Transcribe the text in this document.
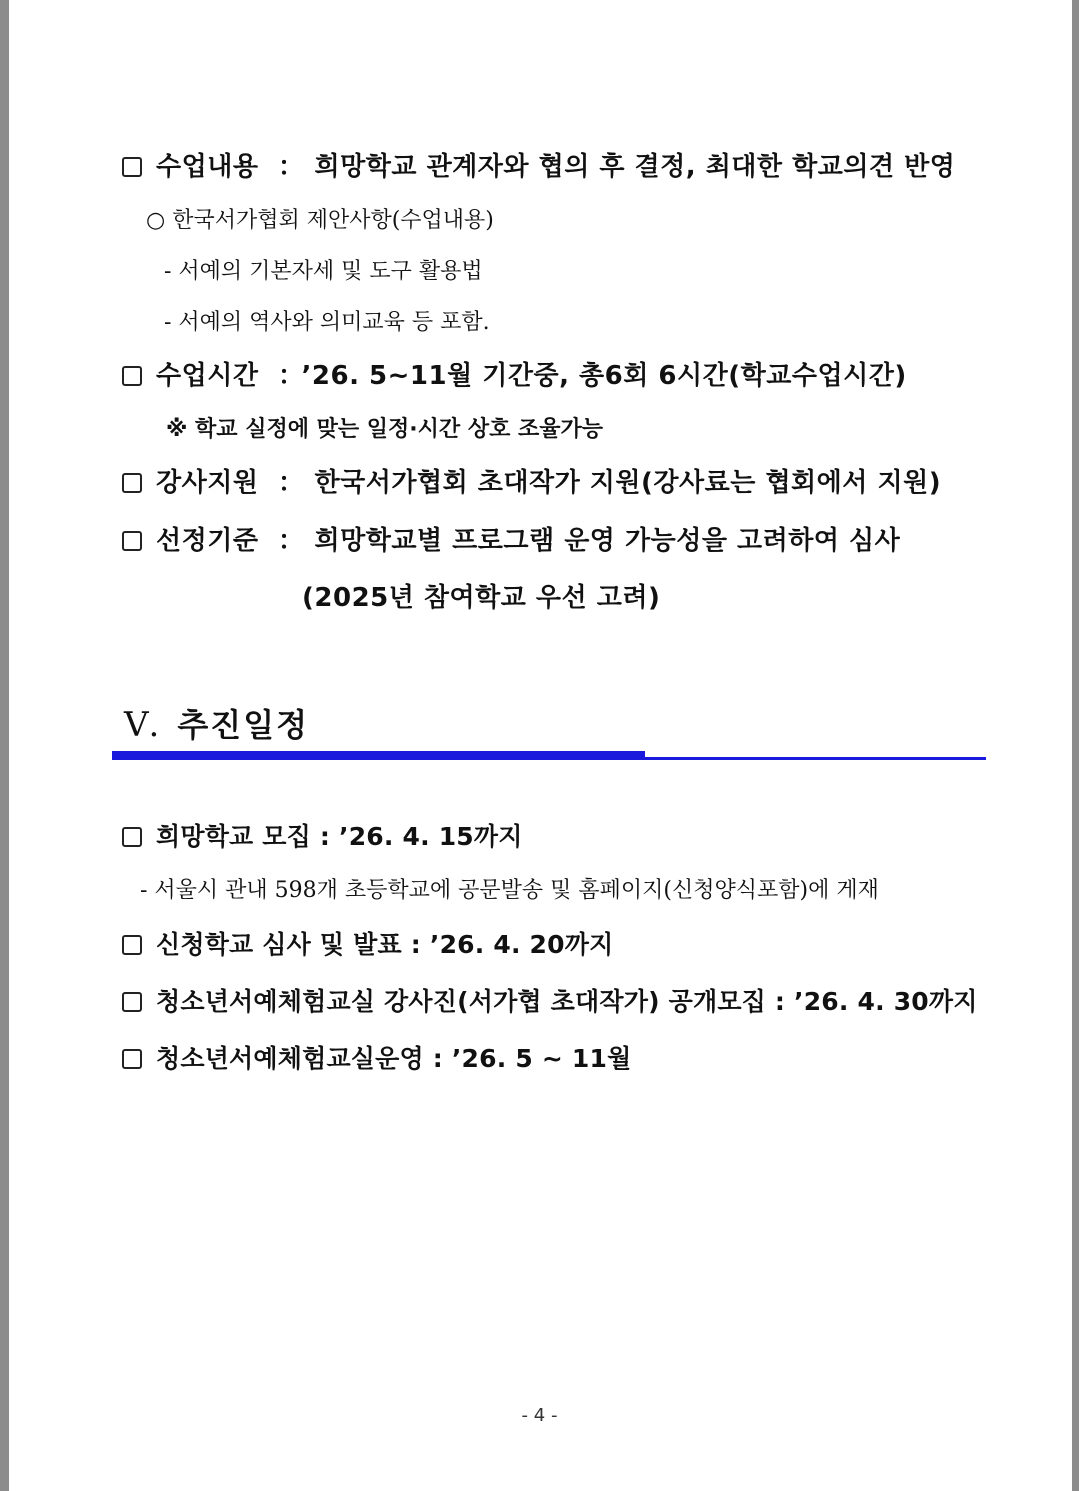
수업내용 ： 희망학교 관계자와 협의 후 결정, 최대한 학교의견 반영
○ 한국서가협회 제안사항(수업내용)
- 서예의 기본자세 및 도구 활용법
- 서예의 역사와 의미교육 등 포함.
수업시간 ： ’26. 5~11월 기간중, 총6회 6시간(학교수업시간)
※ 학교 실정에 맞는 일정·시간 상호 조율가능
강사지원 ： 한국서가협회 초대작가 지원(강사료는 협회에서 지원)
선정기준 ： 희망학교별 프로그램 운영 가능성을 고려하여 심사
(2025년 참여학교 우선 고려)
Ⅴ. 추진일정
희망학교 모집 : ’26. 4. 15까지
- 서울시 관내 598개 초등학교에 공문발송 및 홈페이지(신청양식포함)에 게재
신청학교 심사 및 발표 : ’26. 4. 20까지
청소년서예체험교실 강사진(서가협 초대작가) 공개모집 : ’26. 4. 30까지
청소년서예체험교실운영 : ’26. 5 ~ 11월
- 4 -
